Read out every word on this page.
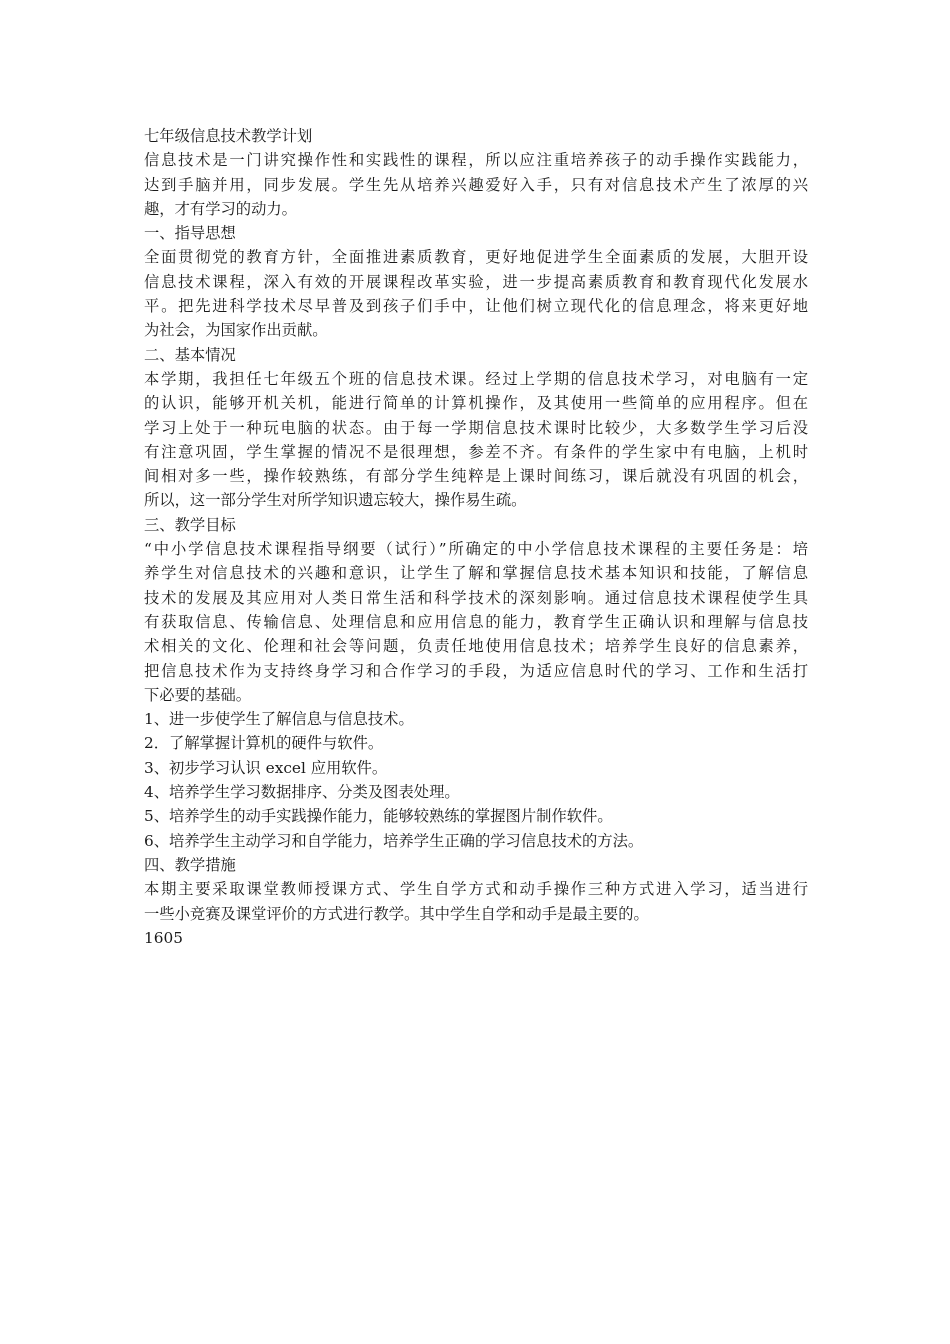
七年级信息技术教学计划
信息技术是一门讲究操作性和实践性的课程，所以应注重培养孩子的动手操作实践能力，
达到手脑并用，同步发展。学生先从培养兴趣爱好入手，只有对信息技术产生了浓厚的兴
趣，才有学习的动力。
一、指导思想
全面贯彻党的教育方针，全面推进素质教育，更好地促进学生全面素质的发展，大胆开设
信息技术课程，深入有效的开展课程改革实验，进一步提高素质教育和教育现代化发展水
平。把先进科学技术尽早普及到孩子们手中，让他们树立现代化的信息理念，将来更好地
为社会，为国家作出贡献。
二、基本情况
本学期，我担任七年级五个班的信息技术课。经过上学期的信息技术学习，对电脑有一定
的认识，能够开机关机，能进行简单的计算机操作，及其使用一些简单的应用程序。但在
学习上处于一种玩电脑的状态。由于每一学期信息技术课时比较少，大多数学生学习后没
有注意巩固，学生掌握的情况不是很理想，参差不齐。有条件的学生家中有电脑，上机时
间相对多一些，操作较熟练，有部分学生纯粹是上课时间练习，课后就没有巩固的机会，
所以，这一部分学生对所学知识遗忘较大，操作易生疏。
三、教学目标
“中小学信息技术课程指导纲要（试行）”所确定的中小学信息技术课程的主要任务是：培
养学生对信息技术的兴趣和意识，让学生了解和掌握信息技术基本知识和技能，了解信息
技术的发展及其应用对人类日常生活和科学技术的深刻影响。通过信息技术课程使学生具
有获取信息、传输信息、处理信息和应用信息的能力，教育学生正确认识和理解与信息技
术相关的文化、伦理和社会等问题，负责任地使用信息技术；培养学生良好的信息素养，
把信息技术作为支持终身学习和合作学习的手段，为适应信息时代的学习、工作和生活打
下必要的基础。
1、进一步使学生了解信息与信息技术。
2．了解掌握计算机的硬件与软件。
3、初步学习认识 excel 应用软件。
4、培养学生学习数据排序、分类及图表处理。
5、培养学生的动手实践操作能力，能够较熟练的掌握图片制作软件。
6、培养学生主动学习和自学能力，培养学生正确的学习信息技术的方法。
四、教学措施
本期主要采取课堂教师授课方式、学生自学方式和动手操作三种方式进入学习，适当进行
一些小竞赛及课堂评价的方式进行教学。其中学生自学和动手是最主要的。
1605
